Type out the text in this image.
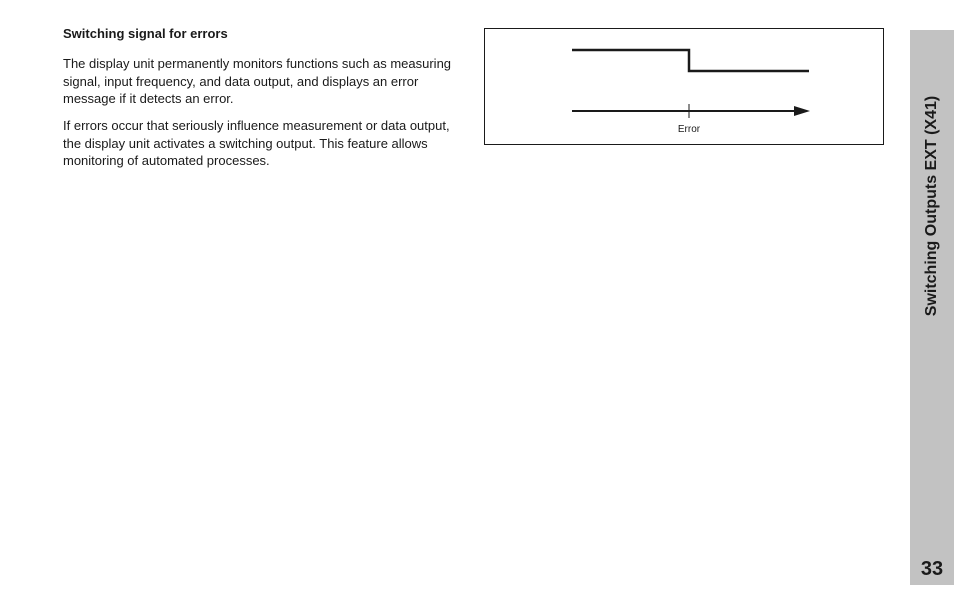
Switching signal for errors

The display unit permanently monitors functions such as measuring signal, input frequency, and data output, and displays an error message if it detects an error.

If errors occur that seriously influence measurement or data output, the display unit activates a switching output. This feature allows monitoring of automated processes.

Error	Switching Outputs EXT (X41)
33
